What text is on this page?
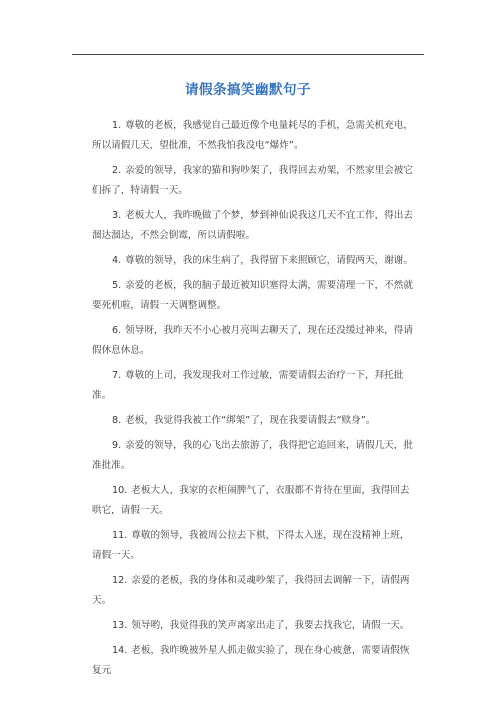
请假条搞笑幽默句子

1. 尊敬的老板，我感觉自己最近像个电量耗尽的手机，急需关机充电，所以请假几天，望批准，不然我怕我没电“爆炸”。

2. 亲爱的领导，我家的猫和狗吵架了，我得回去劝架，不然家里会被它们拆了，特请假一天。

3. 老板大人，我昨晚做了个梦，梦到神仙说我这几天不宜工作，得出去溜达溜达，不然会倒霉，所以请假啦。

4. 尊敬的领导，我的床生病了，我得留下来照顾它，请假两天，谢谢。

5. 亲爱的老板，我的脑子最近被知识塞得太满，需要清理一下，不然就要死机啦，请假一天调整调整。

6. 领导呀，我昨天不小心被月亮叫去聊天了，现在还没缓过神来，得请假休息休息。

7. 尊敬的上司，我发现我对工作过敏，需要请假去治疗一下，拜托批准。

8. 老板，我觉得我被工作“绑架”了，现在我要请假去“赎身”。

9. 亲爱的领导，我的心飞出去旅游了，我得把它追回来，请假几天，批准批准。

10. 老板大人，我家的衣柜闹脾气了，衣服都不肯待在里面，我得回去哄它，请假一天。

11. 尊敬的领导，我被周公拉去下棋，下得太入迷，现在没精神上班，请假一天。

12. 亲爱的老板，我的身体和灵魂吵架了，我得回去调解一下，请假两天。

13. 领导哟，我觉得我的笑声离家出走了，我要去找我它，请假一天。

14. 老板，我昨晚被外星人抓走做实验了，现在身心疲惫，需要请假恢复元
